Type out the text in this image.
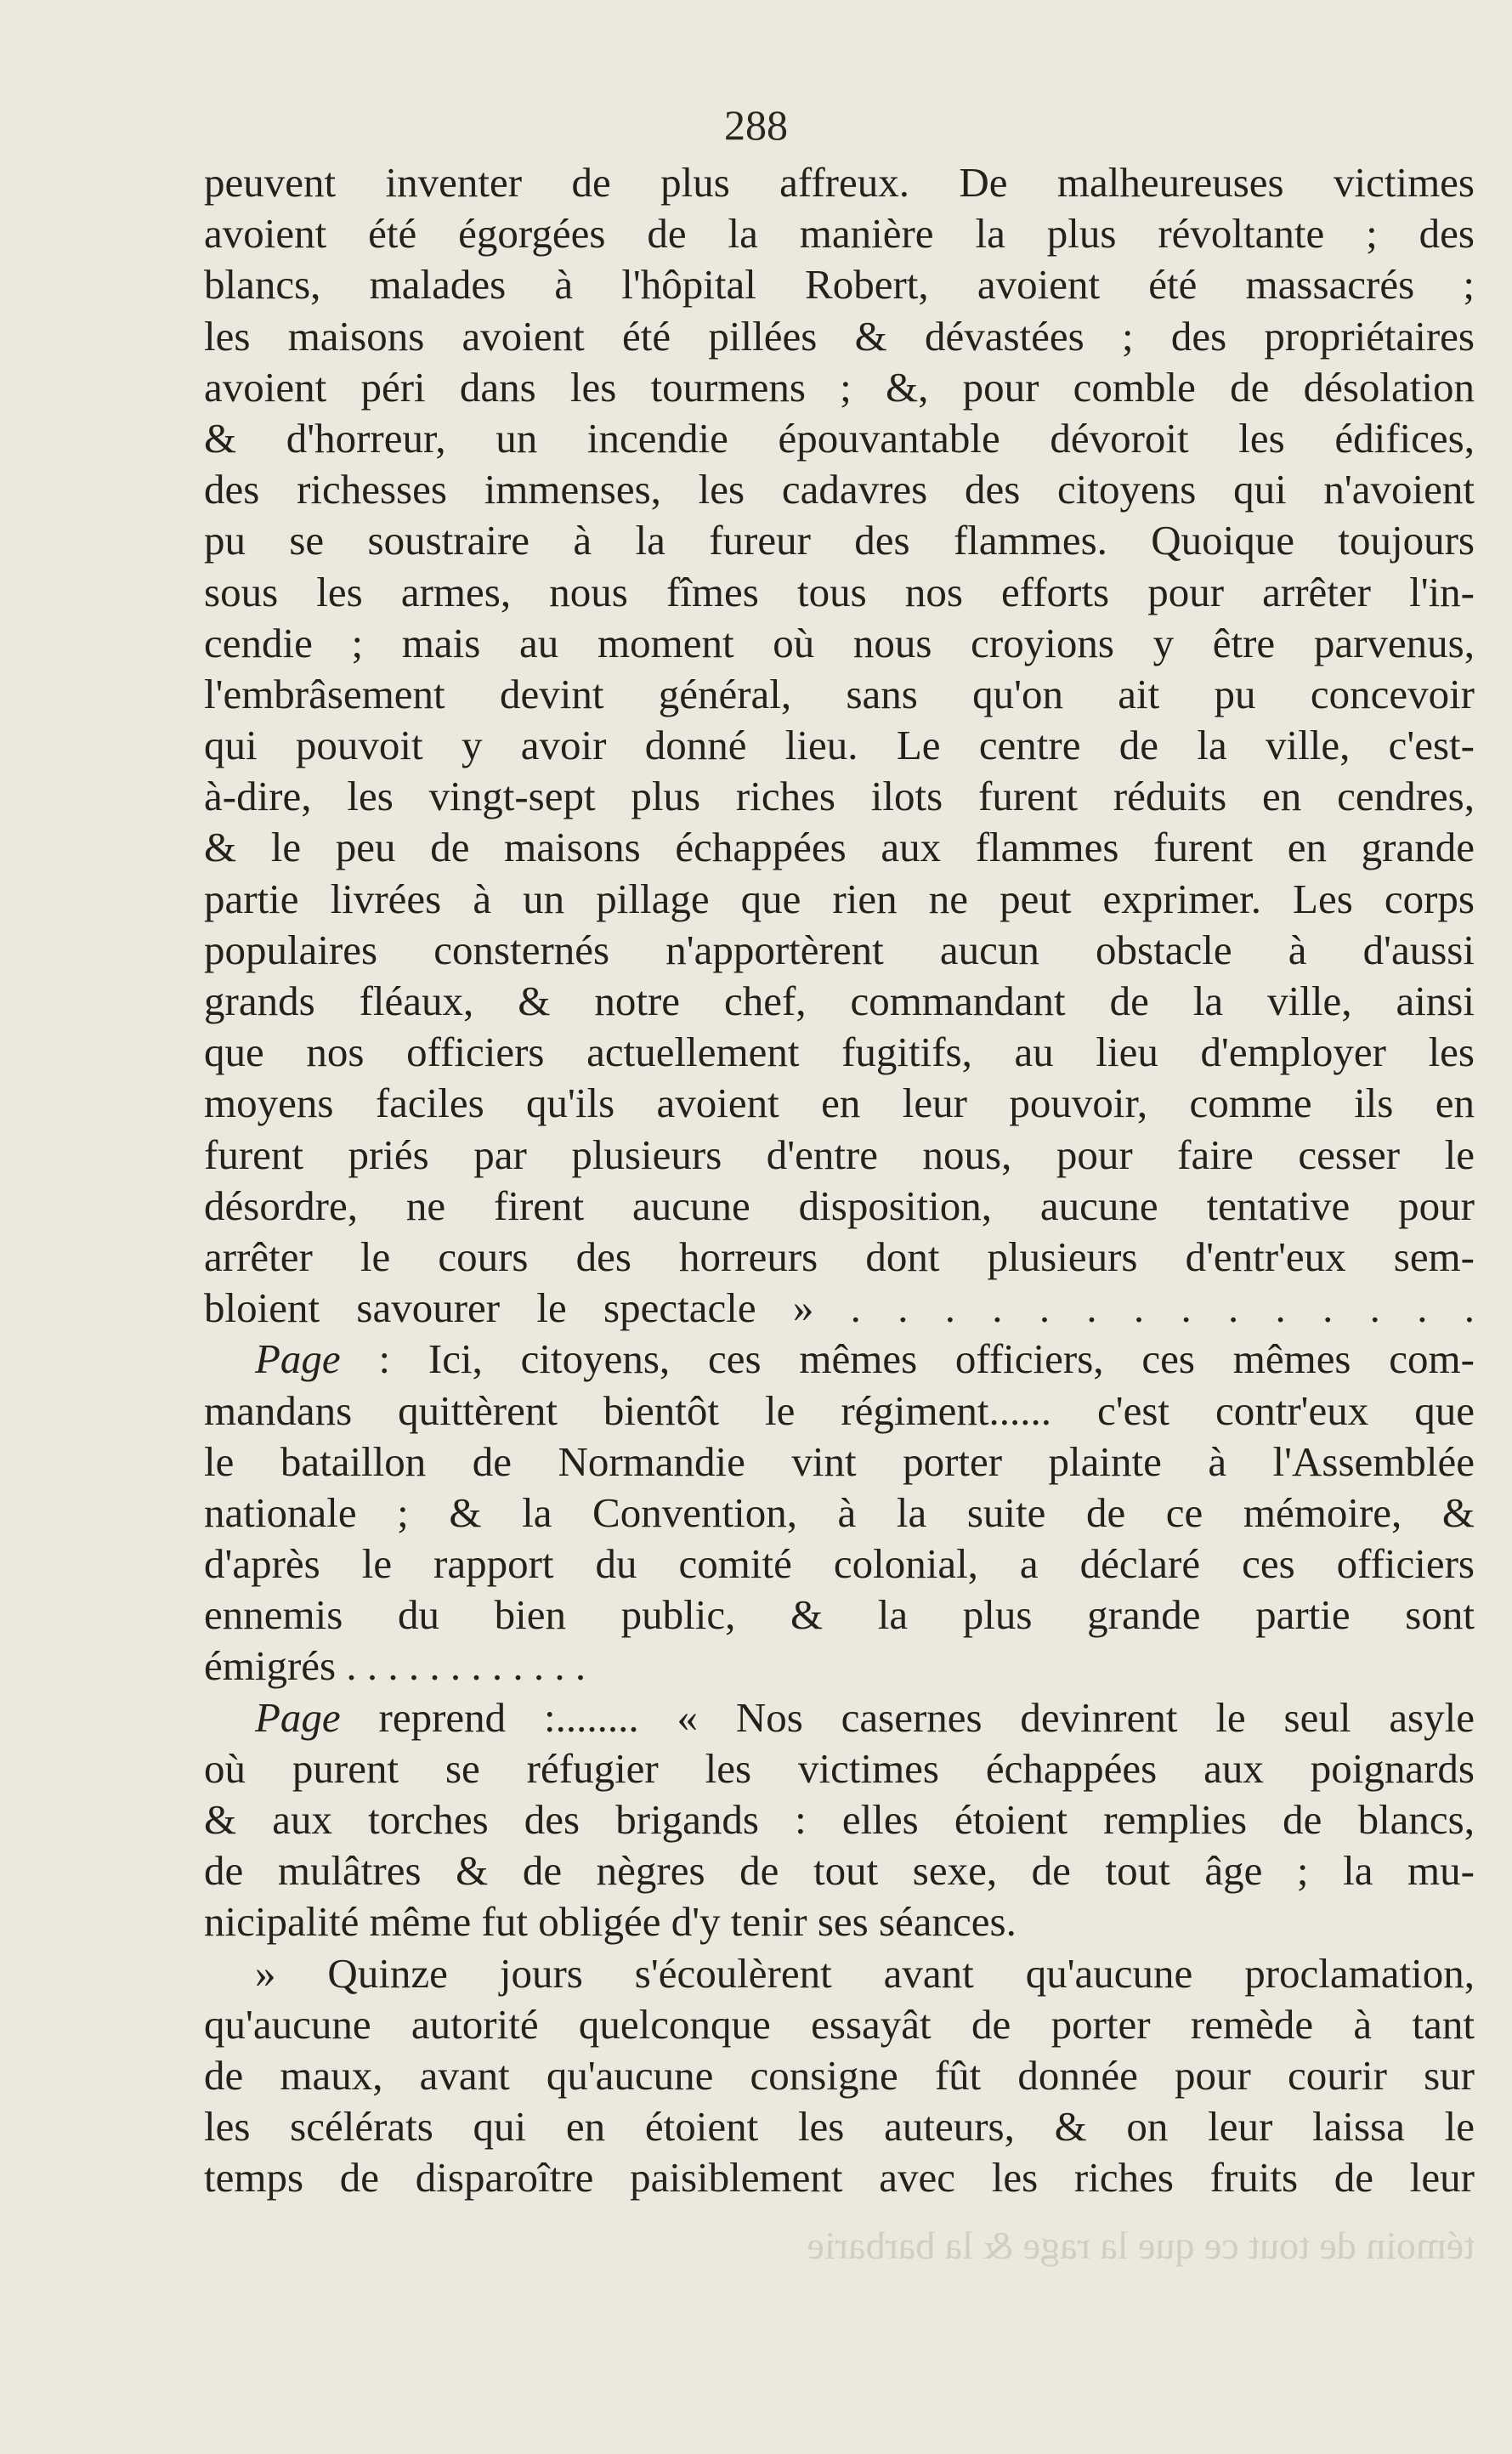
288
peuvent inventer de plus affreux. De malheureuses victimes
avoient été égorgées de la manière la plus révoltante ; des
blancs, malades à l'hôpital Robert, avoient été massacrés ;
les maisons avoient été pillées & dévastées ; des propriétaires
avoient péri dans les tourmens ; &, pour comble de désolation
& d'horreur, un incendie épouvantable dévoroit les édifices,
des richesses immenses, les cadavres des citoyens qui n'avoient
pu se soustraire à la fureur des flammes. Quoique toujours
sous les armes, nous fîmes tous nos efforts pour arrêter l'in-
cendie ; mais au moment où nous croyions y être parvenus,
l'embrâsement devint général, sans qu'on ait pu concevoir
qui pouvoit y avoir donné lieu. Le centre de la ville, c'est-
à-dire, les vingt-sept plus riches ilots furent réduits en cendres,
& le peu de maisons échappées aux flammes furent en grande
partie livrées à un pillage que rien ne peut exprimer. Les corps
populaires consternés n'apportèrent aucun obstacle à d'aussi
grands fléaux, & notre chef, commandant de la ville, ainsi
que nos officiers actuellement fugitifs, au lieu d'employer les
moyens faciles qu'ils avoient en leur pouvoir, comme ils en
furent priés par plusieurs d'entre nous, pour faire cesser le
désordre, ne firent aucune disposition, aucune tentative pour
arrêter le cours des horreurs dont plusieurs d'entr'eux sem-
bloient savourer le spectacle » . . . . . . . . . . . . . .
Page : Ici, citoyens, ces mêmes officiers, ces mêmes com-
mandans quittèrent bientôt le régiment...... c'est contr'eux que
le bataillon de Normandie vint porter plainte à l'Assemblée
nationale ; & la Convention, à la suite de ce mémoire, &
d'après le rapport du comité colonial, a déclaré ces officiers
ennemis du bien public, & la plus grande partie sont
émigrés . . . . . . . . . . . .
Page reprend :........ « Nos casernes devinrent le seul asyle
où purent se réfugier les victimes échappées aux poignards
& aux torches des brigands : elles étoient remplies de blancs,
de mulâtres & de nègres de tout sexe, de tout âge ; la mu-
nicipalité même fut obligée d'y tenir ses séances.
» Quinze jours s'écoulèrent avant qu'aucune proclamation,
qu'aucune autorité quelconque essayât de porter remède à tant
de maux, avant qu'aucune consigne fût donnée pour courir sur
les scélérats qui en étoient les auteurs, & on leur laissa le
temps de disparoître paisiblement avec les riches fruits de leur
témoin de tout ce que la rage & la barbarie
